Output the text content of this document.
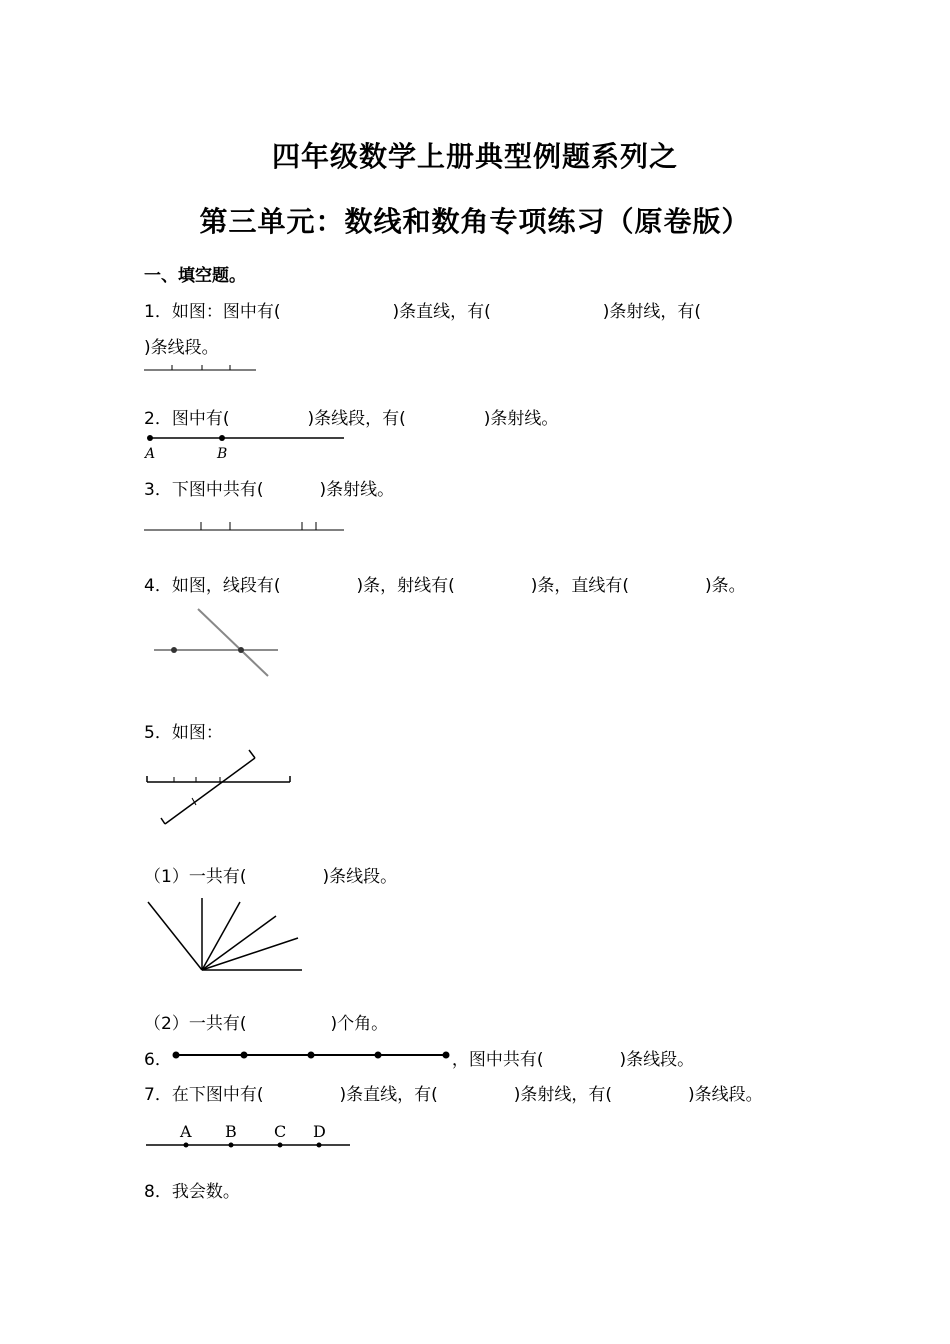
四年级数学上册典型例题系列之
第三单元：数线和数角专项练习（原卷版）
一、填空题。
1．如图：图中有(	)条直线，有(	)条射线，有(
)条线段。
2．图中有(	)条线段，有(	)条射线。
A	B
3．下图中共有(	)条射线。
4．如图，线段有(	)条，射线有(	)条，直线有(	)条。
5．如图：
（1）一共有(	)条线段。
（2）一共有(	)个角。
6．	，图中共有(	)条线段。
7．在下图中有(	)条直线，有(	)条射线，有(	)条线段。
A B C D
8．我会数。
